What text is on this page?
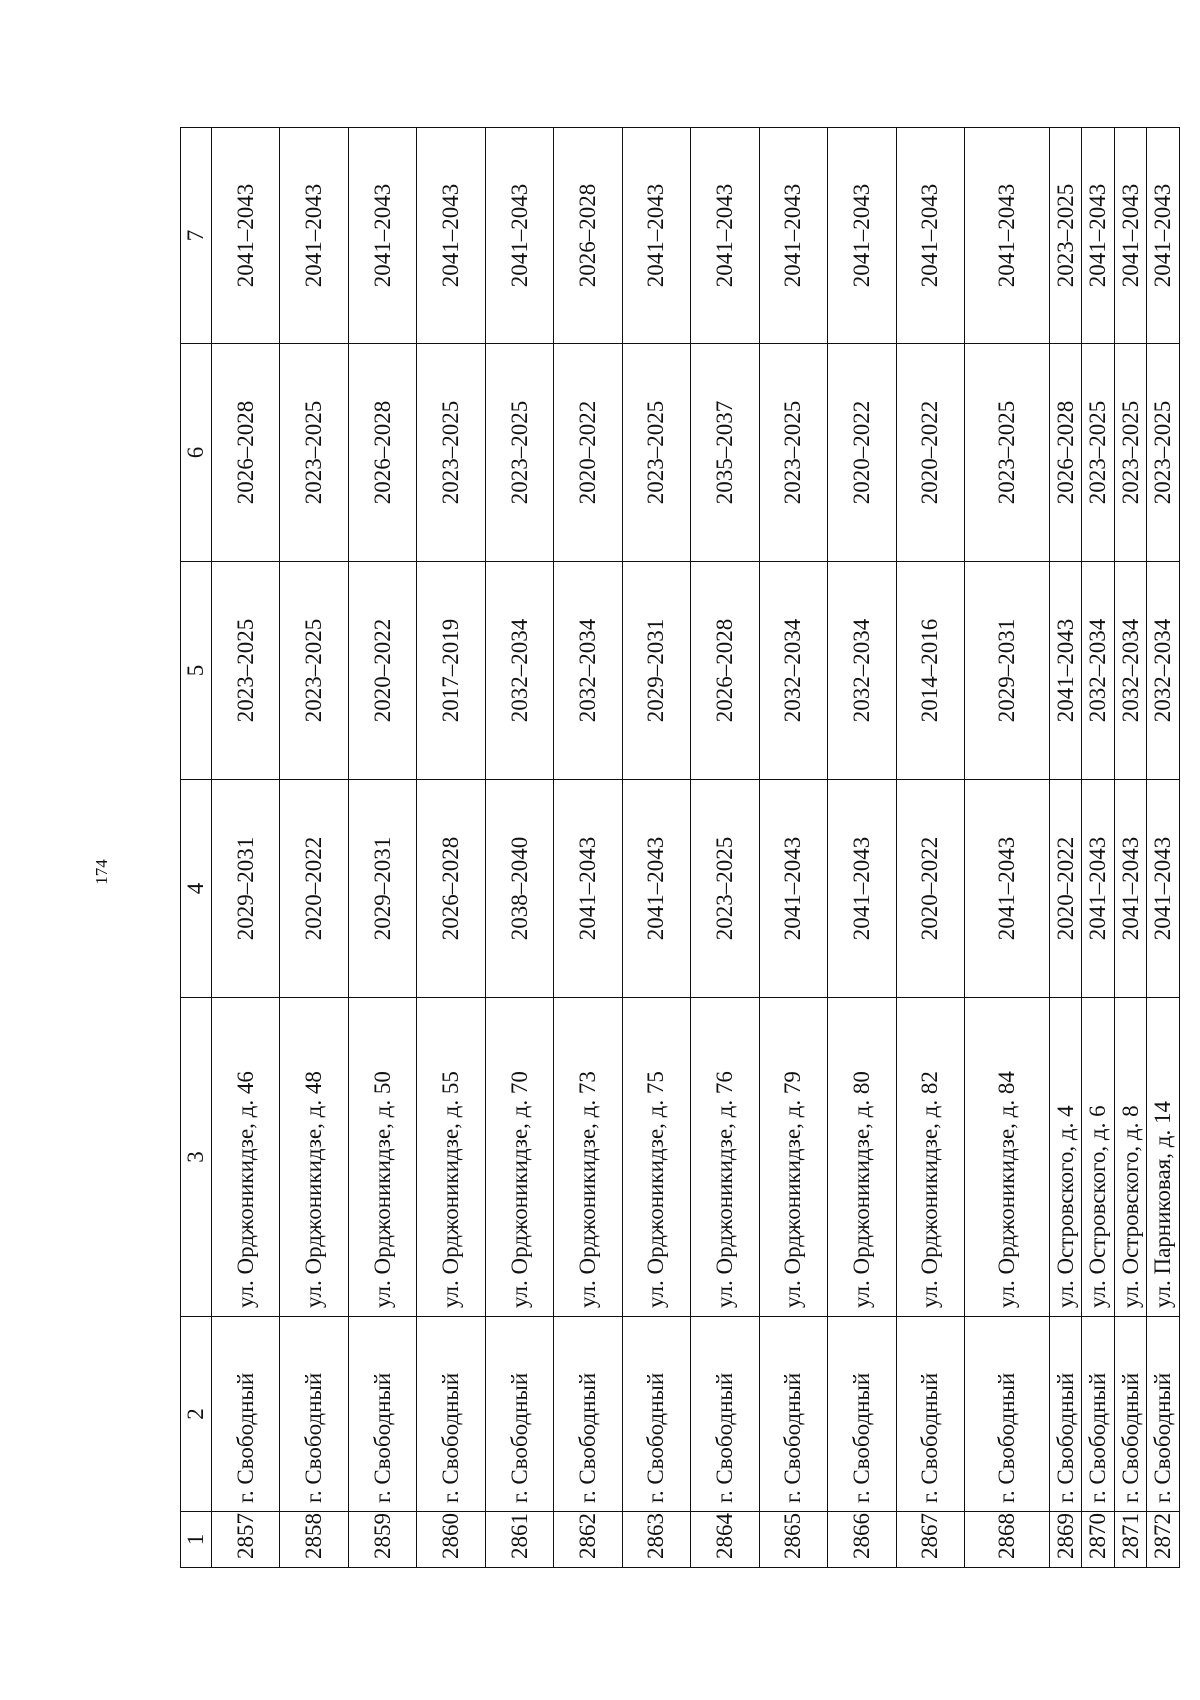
174
1	2	3	4	5	6	7
2857	г. Свободный	ул. Орджоникидзе, д. 46	2029–2031	2023–2025	2026–2028	2041–2043
2858	г. Свободный	ул. Орджоникидзе, д. 48	2020–2022	2023–2025	2023–2025	2041–2043
2859	г. Свободный	ул. Орджоникидзе, д. 50	2029–2031	2020–2022	2026–2028	2041–2043
2860	г. Свободный	ул. Орджоникидзе, д. 55	2026–2028	2017–2019	2023–2025	2041–2043
2861	г. Свободный	ул. Орджоникидзе, д. 70	2038–2040	2032–2034	2023–2025	2041–2043
2862	г. Свободный	ул. Орджоникидзе, д. 73	2041–2043	2032–2034	2020–2022	2026–2028
2863	г. Свободный	ул. Орджоникидзе, д. 75	2041–2043	2029–2031	2023–2025	2041–2043
2864	г. Свободный	ул. Орджоникидзе, д. 76	2023–2025	2026–2028	2035–2037	2041–2043
2865	г. Свободный	ул. Орджоникидзе, д. 79	2041–2043	2032–2034	2023–2025	2041–2043
2866	г. Свободный	ул. Орджоникидзе, д. 80	2041–2043	2032–2034	2020–2022	2041–2043
2867	г. Свободный	ул. Орджоникидзе, д. 82	2020–2022	2014–2016	2020–2022	2041–2043
2868	г. Свободный	ул. Орджоникидзе, д. 84	2041–2043	2029–2031	2023–2025	2041–2043
2869	г. Свободный	ул. Островского, д. 4	2020–2022	2041–2043	2026–2028	2023–2025
2870	г. Свободный	ул. Островского, д. 6	2041–2043	2032–2034	2023–2025	2041–2043
2871	г. Свободный	ул. Островского, д. 8	2041–2043	2032–2034	2023–2025	2041–2043
2872	г. Свободный	ул. Парниковая, д. 14	2041–2043	2032–2034	2023–2025	2041–2043
